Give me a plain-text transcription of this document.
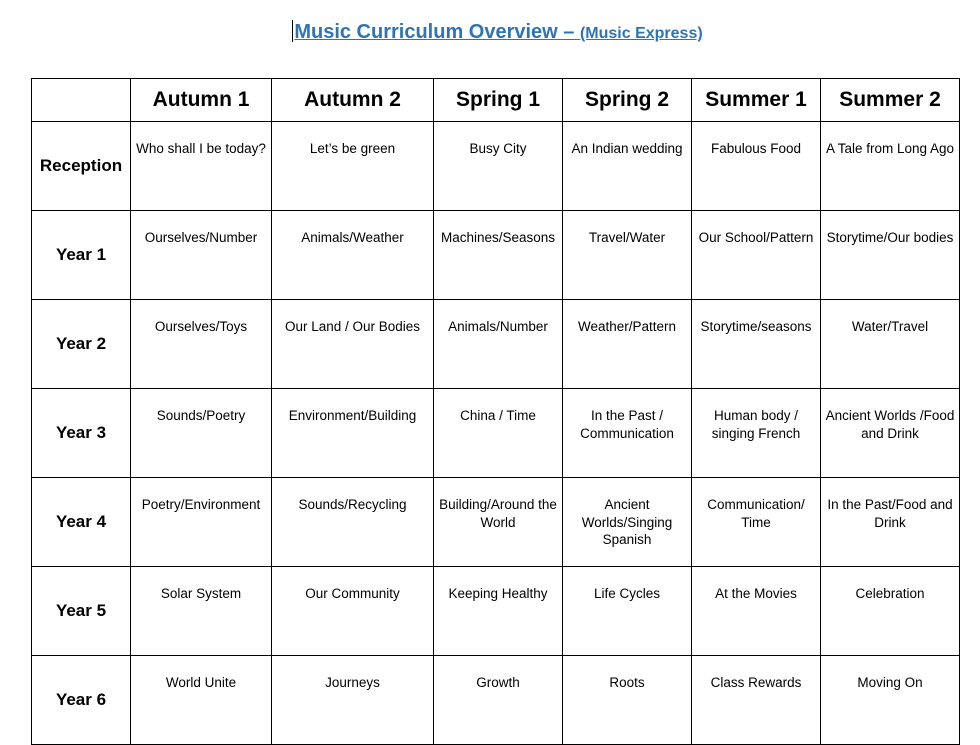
Music Curriculum Overview – (Music Express)
	Autumn 1	Autumn 2	Spring 1	Spring 2	Summer 1	Summer 2
Reception	Who shall I be today?	Let’s be green	Busy City	An Indian wedding	Fabulous Food	A Tale from Long Ago
Year 1	Ourselves/Number	Animals/Weather	Machines/Seasons	Travel/Water	Our School/Pattern	Storytime/Our bodies
Year 2	Ourselves/Toys	Our Land / Our Bodies	Animals/Number	Weather/Pattern	Storytime/seasons	Water/Travel
Year 3	Sounds/Poetry	Environment/Building	China / Time	In the Past / Communication	Human body / singing French	Ancient Worlds /Food and Drink
Year 4	Poetry/Environment	Sounds/Recycling	Building/Around the World	Ancient Worlds/Singing Spanish	Communication/ Time	In the Past/Food and Drink
Year 5	Solar System	Our Community	Keeping Healthy	Life Cycles	At the Movies	Celebration
Year 6	World Unite	Journeys	Growth	Roots	Class Rewards	Moving On
